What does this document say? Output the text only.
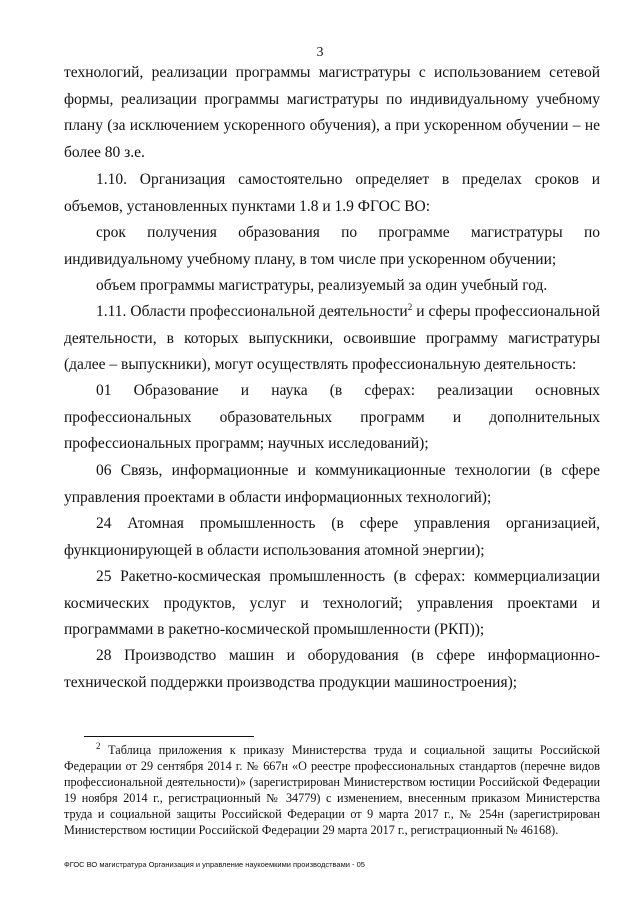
3
технологий, реализации программы магистратуры с использованием сетевой формы, реализации программы магистратуры по индивидуальному учебному плану (за исключением ускоренного обучения), а при ускоренном обучении – не более 80 з.е.
1.10. Организация самостоятельно определяет в пределах сроков и объемов, установленных пунктами 1.8 и 1.9 ФГОС ВО:
срок получения образования по программе магистратуры по индивидуальному учебному плану, в том числе при ускоренном обучении;
объем программы магистратуры, реализуемый за один учебный год.
1.11. Области профессиональной деятельности$^2$ и сферы профессиональной деятельности, в которых выпускники, освоившие программу магистратуры (далее – выпускники), могут осуществлять профессиональную деятельность:
01 Образование и наука (в сферах: реализации основных профессиональных образовательных программ и дополнительных профессиональных программ; научных исследований);
06 Связь, информационные и коммуникационные технологии (в сфере управления проектами в области информационных технологий);
24 Атомная промышленность (в сфере управления организацией, функционирующей в области использования атомной энергии);
25 Ракетно-космическая промышленность (в сферах: коммерциализации космических продуктов, услуг и технологий; управления проектами и программами в ракетно-космической промышленности (РКП));
28 Производство машин и оборудования (в сфере информационно-технической поддержки производства продукции машиностроения);
$^2$ Таблица приложения к приказу Министерства труда и социальной защиты Российской Федерации от 29 сентября 2014 г. № 667н «О реестре профессиональных стандартов (перечне видов профессиональной деятельности)» (зарегистрирован Министерством юстиции Российской Федерации 19 ноября 2014 г., регистрационный № 34779) с изменением, внесенным приказом Министерства труда и социальной защиты Российской Федерации от 9 марта 2017 г., № 254н (зарегистрирован Министерством юстиции Российской Федерации 29 марта 2017 г., регистрационный № 46168).
ФГОС ВО магистратура Организация и управление наукоемкими производствами - 05
